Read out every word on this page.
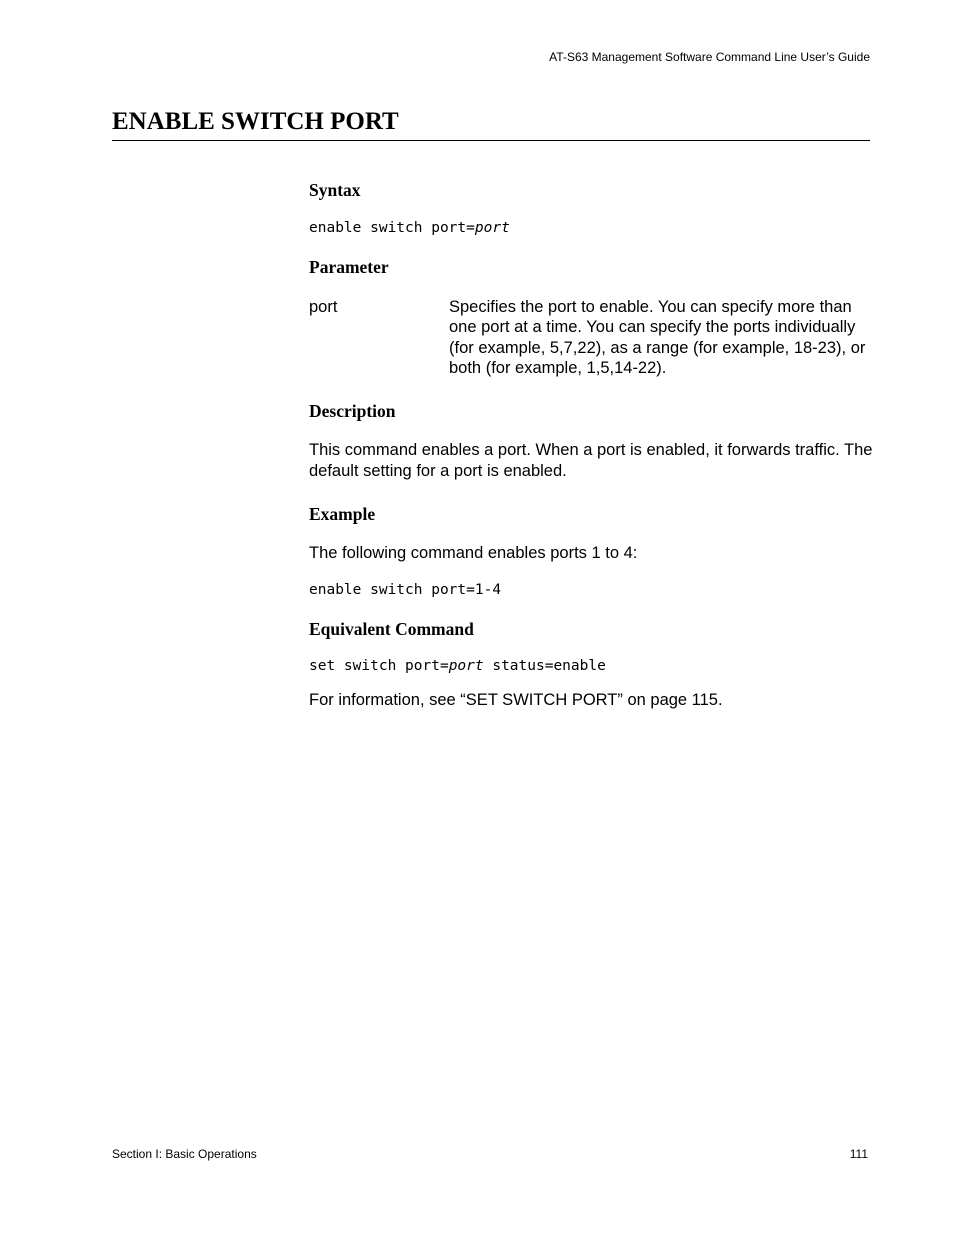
AT-S63 Management Software Command Line User’s Guide
ENABLE SWITCH PORT
Syntax
enable switch port=port
Parameter
port	Specifies the port to enable. You can specify more than one port at a time. You can specify the ports individually (for example, 5,7,22), as a range (for example, 18-23), or both (for example, 1,5,14-22).

Description

This command enables a port. When a port is enabled, it forwards traffic. The default setting for a port is enabled.

Example

The following command enables ports 1 to 4:

enable switch port=1-4
Equivalent Command
set switch port=port status=enable

For information, see “SET SWITCH PORT” on page 115.

Section I: Basic Operations	111
